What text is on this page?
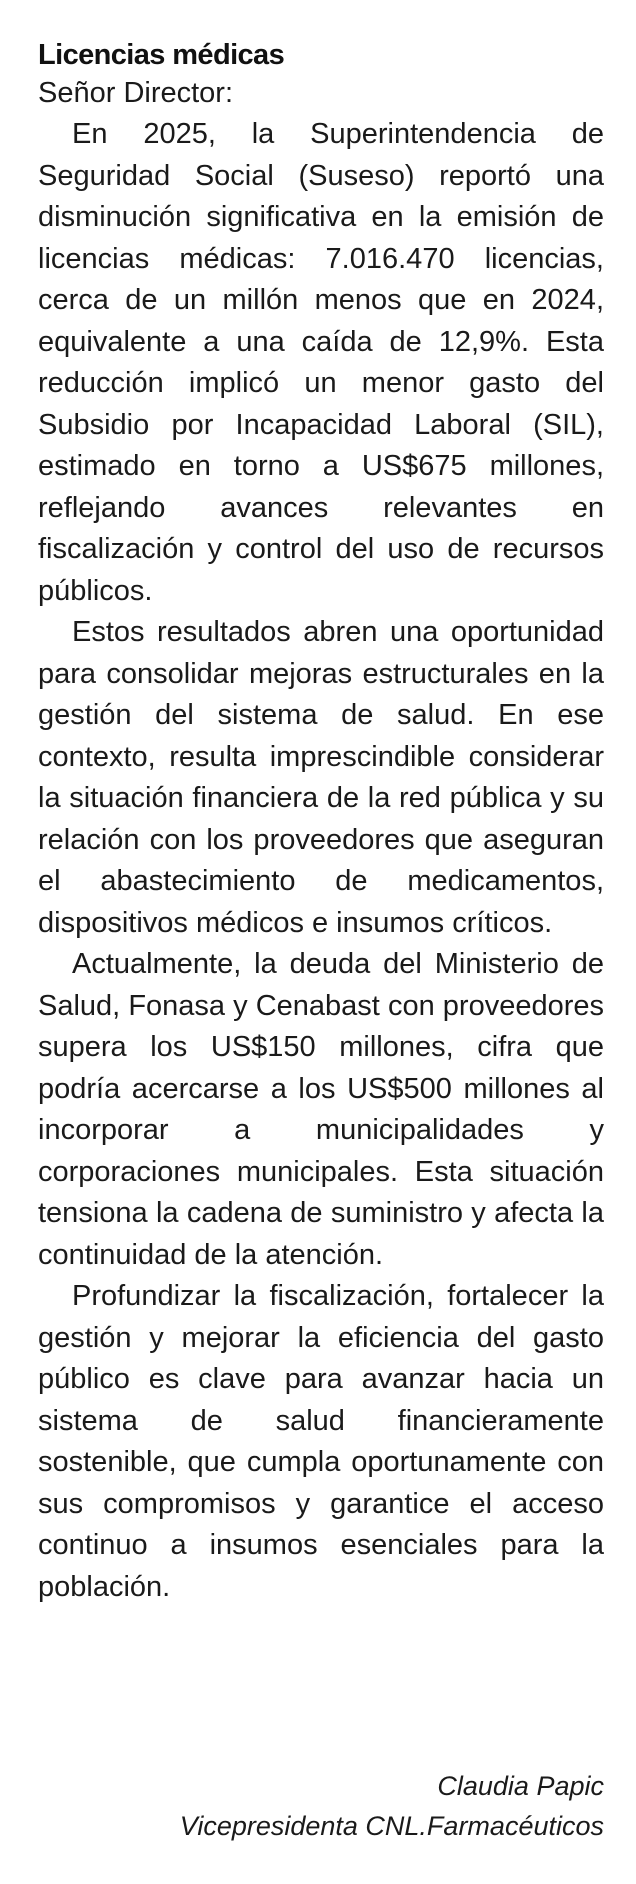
Licencias médicas

Señor Director:

En 2025, la Superintendencia de Seguridad Social (Suseso) reportó una disminución significativa en la emisión de licencias médicas: 7.016.470 licencias, cerca de un millón menos que en 2024, equivalente a una caída de 12,9%. Esta reducción implicó un menor gasto del Subsidio por Incapacidad Laboral (SIL), estimado en torno a US$675 millones, reflejando avances relevantes en fiscalización y control del uso de recursos públicos.

Estos resultados abren una oportunidad para consolidar mejoras estructurales en la gestión del sistema de salud. En ese contexto, resulta imprescindible considerar la situación financiera de la red pública y su relación con los proveedores que aseguran el abastecimiento de medicamentos, dispositivos médicos e insumos críticos.

Actualmente, la deuda del Ministerio de Salud, Fonasa y Cenabast con proveedores supera los US$150 millones, cifra que podría acercarse a los US$500 millones al incorporar a municipalidades y corporaciones municipales. Esta situación tensiona la cadena de suministro y afecta la continuidad de la atención.

Profundizar la fiscalización, fortalecer la gestión y mejorar la eficiencia del gasto público es clave para avanzar hacia un sistema de salud financieramente sostenible, que cumpla oportunamente con sus compromisos y garantice el acceso continuo a insumos esenciales para la población.

Claudia Papic
Vicepresidenta CNL.Farmacéuticos
